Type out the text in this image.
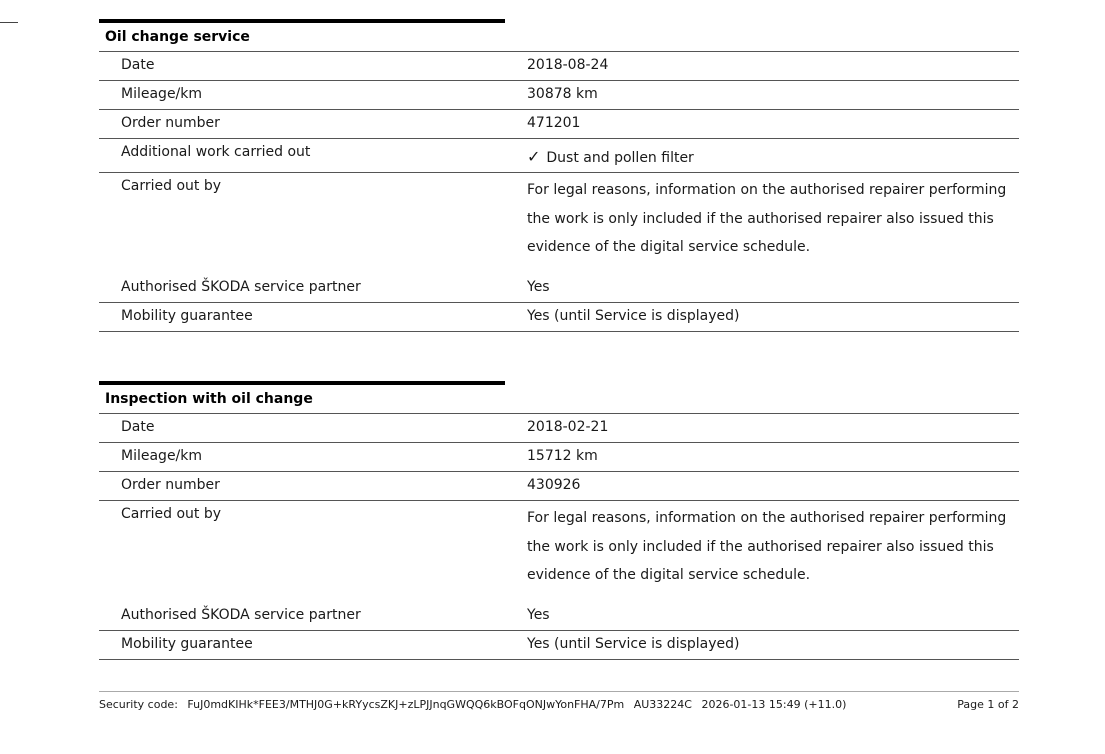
Oil change service
Date	2018-08-24
Mileage/km	30878 km
Order number	471201
Additional work carried out	✓ Dust and pollen filter
Carried out by	For legal reasons, information on the authorised repairer performing
the work is only included if the authorised repairer also issued this
evidence of the digital service schedule.
Authorised ŠKODA service partner	Yes
Mobility guarantee	Yes (until Service is displayed)
Inspection with oil change
Date	2018-02-21
Mileage/km	15712 km
Order number	430926
Carried out by	For legal reasons, information on the authorised repairer performing
the work is only included if the authorised repairer also issued this
evidence of the digital service schedule.
Authorised ŠKODA service partner	Yes
Mobility guarantee	Yes (until Service is displayed)
Security code: FuJ0mdKIHk*FEE3/MTHJ0G+kRYycsZKJ+zLPJJnqGWQQ6kBOFqONJwYonFHA/7Pm AU33224C 2026-01-13 15:49 (+11.0)	Page 1 of 2
